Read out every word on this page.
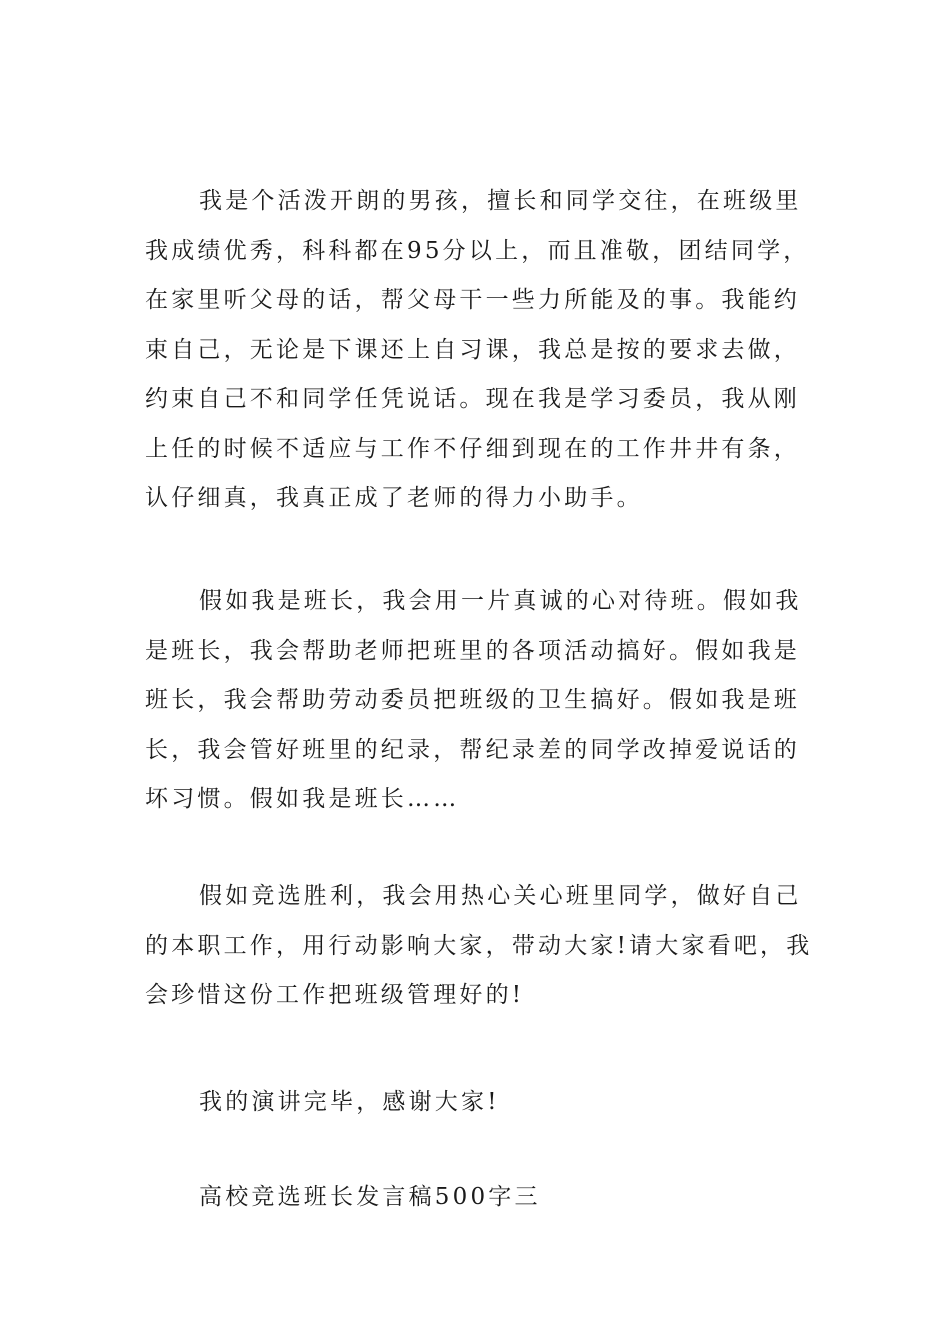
我是个活泼开朗的男孩，擅长和同学交往，在班级里
我成绩优秀，科科都在95分以上，而且准敬，团结同学，
在家里听父母的话，帮父母干一些力所能及的事。我能约
束自己，无论是下课还上自习课，我总是按的要求去做，
约束自己不和同学任凭说话。现在我是学习委员，我从刚
上任的时候不适应与工作不仔细到现在的工作井井有条，
认仔细真，我真正成了老师的得力小助手。

假如我是班长，我会用一片真诚的心对待班。假如我
是班长，我会帮助老师把班里的各项活动搞好。假如我是
班长，我会帮助劳动委员把班级的卫生搞好。假如我是班
长，我会管好班里的纪录，帮纪录差的同学改掉爱说话的
坏习惯。假如我是班长……

假如竞选胜利，我会用热心关心班里同学，做好自己
的本职工作，用行动影响大家，带动大家!请大家看吧，我
会珍惜这份工作把班级管理好的!

我的演讲完毕，感谢大家!

高校竞选班长发言稿500字三
